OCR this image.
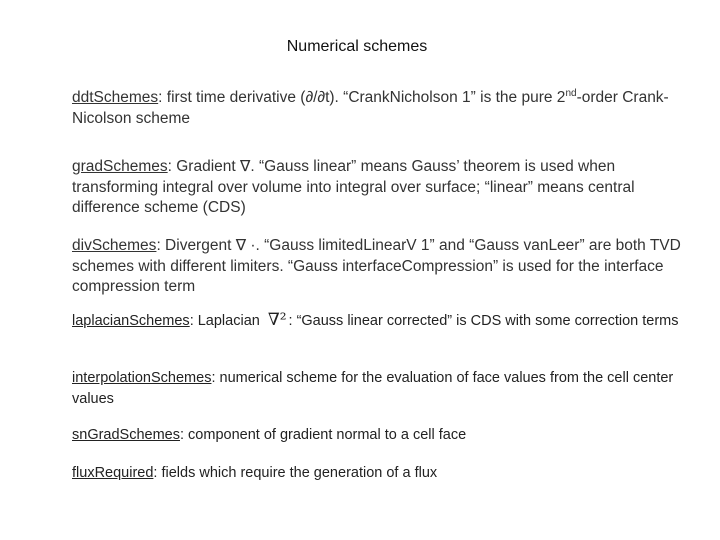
Numerical schemes
ddtSchemes: first time derivative (∂/∂t). “CrankNicholson 1” is the pure 2nd-order Crank-Nicolson scheme
gradSchemes: Gradient ∇. “Gauss linear” means Gauss’ theorem is used when transforming integral over volume into integral over surface; “linear” means central difference scheme (CDS)
divSchemes: Divergent ∇ ·. “Gauss limitedLinearV 1” and “Gauss vanLeer” are both TVD schemes with different limiters. “Gauss interfaceCompression” is used for the interface compression term
laplacianSchemes: Laplacian ∇² : “Gauss linear corrected” is CDS with some correction terms
interpolationSchemes: numerical scheme for the evaluation of face values from the cell center values
snGradSchemes: component of gradient normal to a cell face
fluxRequired: fields which require the generation of a flux
